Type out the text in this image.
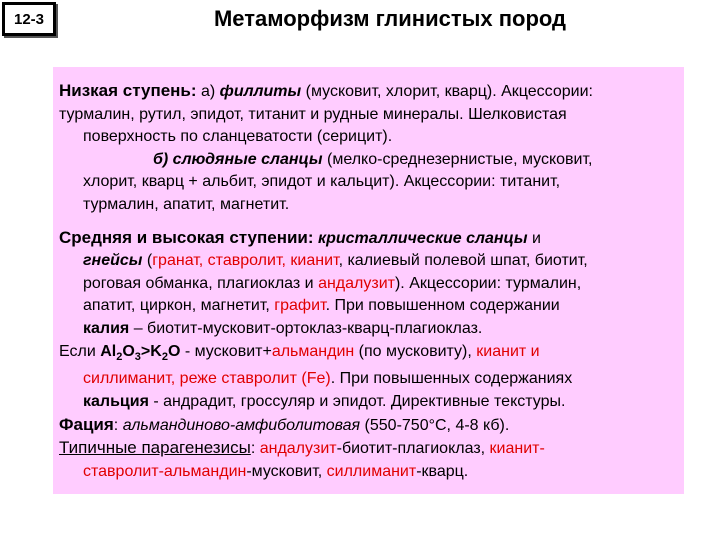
12-3	Метаморфизм глинистых пород
Низкая ступень: а) филлиты (мусковит, хлорит, кварц). Акцессории:
турмалин, рутил, эпидот, титанит и рудные минералы. Шелковистая
поверхность по сланцеватости (серицит).
б) слюдяные сланцы (мелко-среднезернистые, мусковит,
хлорит, кварц + альбит, эпидот и кальцит). Акцессории: титанит,
турмалин, апатит, магнетит.
Средняя и высокая ступении: кристаллические сланцы и
гнейсы (гранат, ставролит, кианит, калиевый полевой шпат, биотит,
роговая обманка, плагиоклаз и андалузит). Акцессории: турмалин,
апатит, циркон, магнетит, графит. При повышенном содержании
калия – биотит-мусковит-ортоклаз-кварц-плагиоклаз.
Если $Al_2O_3>K_2O$ - мусковит+альмандин (по мусковиту), кианит и
силлиманит, реже ставролит (Fe). При повышенных содержаниях
кальция - андрадит, гроссуляр и эпидот. Директивные текстуры.
Фация: альмандиново-амфиболитовая (550-750°С, 4‑8 кб).
Типичные парагенезисы: андалузит-биотит-плагиоклаз, кианит-
ставролит-альмандин-мусковит, силлиманит-кварц.
